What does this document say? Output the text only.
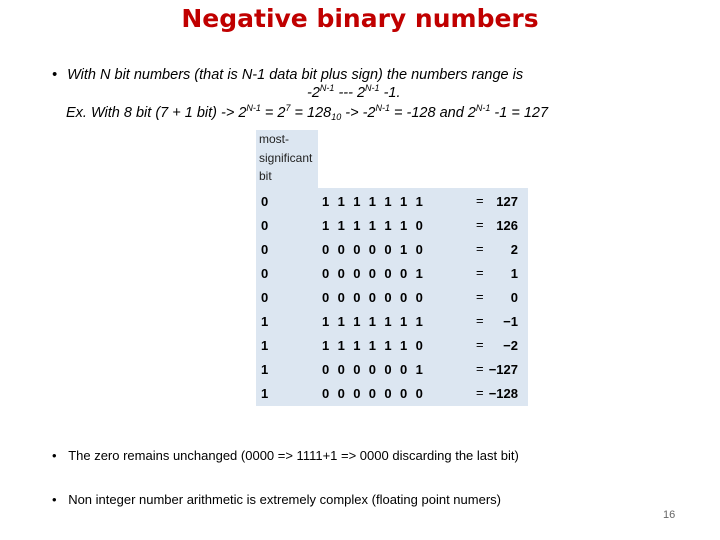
Negative binary numbers
• With N bit numbers (that is N-1 data bit plus sign) the numbers range is
$-2^{N-1}$ --- $2^{N-1}$ -1.
Ex. With 8 bit (7 + 1 $bit) -> 2^{N-1} = 2^7 = 128_{10} -> -2^{N-1} = -128$ and $2^{N-1}$ -1 = 127
most-
significant
bit
0	1 1 1 1 1 1 1	= 127
0	1 1 1 1 1 1 0	= 126
0	0 0 0 0 0 1 0	= 2
0	0 0 0 0 0 0 1	= 1
0	0 0 0 0 0 0 0	= 0
1	1 1 1 1 1 1 1	= −1
1	1 1 1 1 1 1 0	= −2
1	0 0 0 0 0 0 1	= −127
1	0 0 0 0 0 0 0	= −128
• The zero remains unchanged (0000 => 1111+1 => 0000 discarding the last bit)
• Non integer number arithmetic is extremely complex (floating point numers)
16
